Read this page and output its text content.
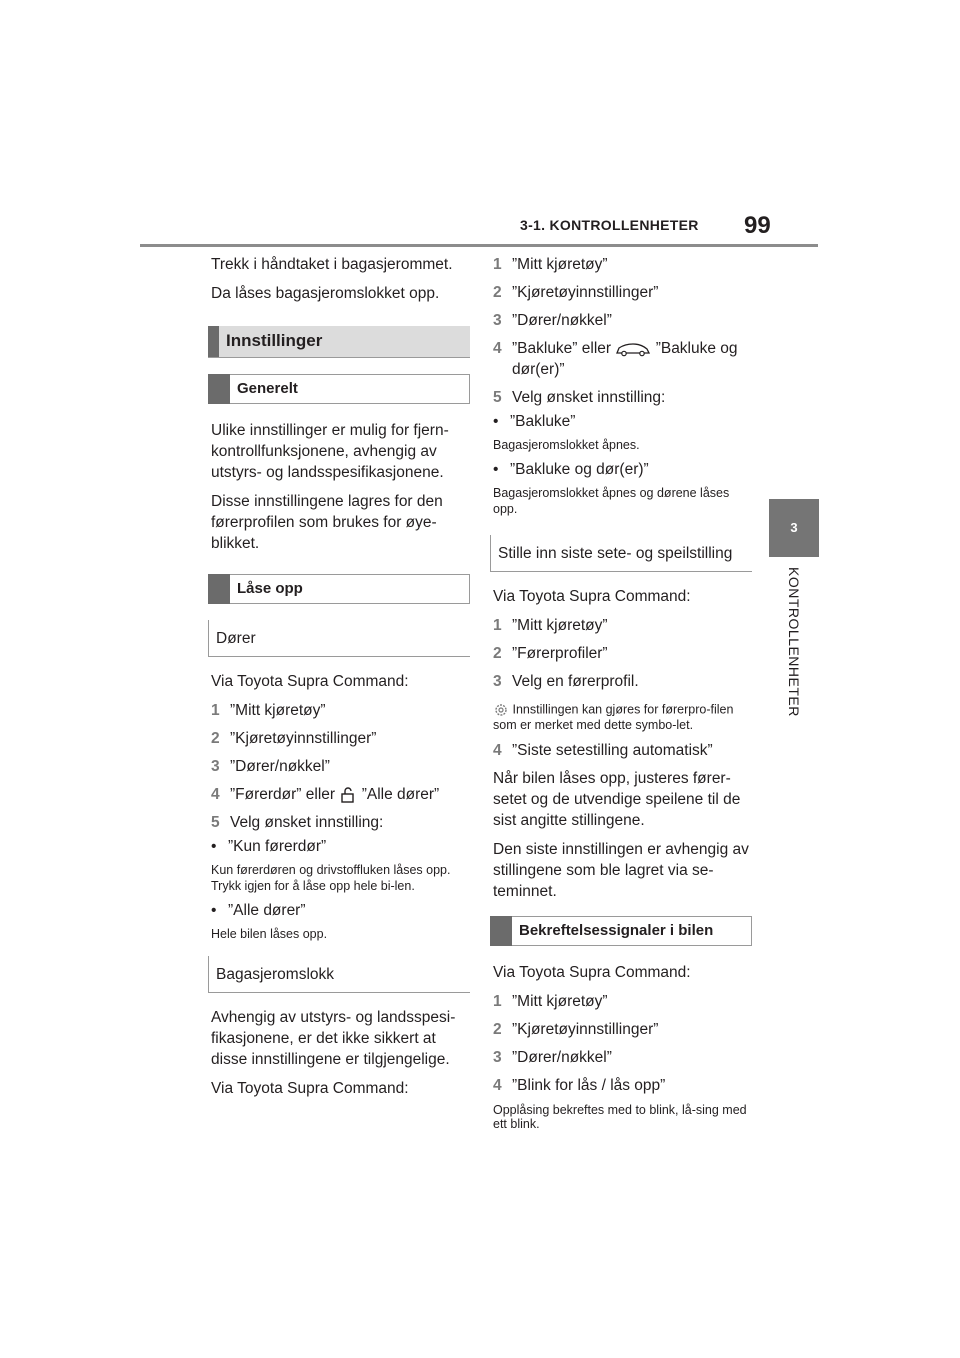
3-1. KONTROLLENHETER 99
3
KONTROLLENHETER

Trekk i håndtaket i bagasjerommet.

Da låses bagasjeromslokket opp.

Innstillinger
Generelt

Ulike innstillinger er mulig for fjern-kontrollfunksjonene, avhengig av utstyrs- og landsspesifikasjonene.

Disse innstillingene lagres for den førerprofilen som brukes for øye-blikket.

Låse opp
Dører

Via Toyota Supra Command:

1 ”Mitt kjøretøy”
2 ”Kjøretøyinnstillinger”
3 ”Dører/nøkkel”
4 ”Førerdør” eller ”Alle dører”
5 Velg ønsket innstilling:
• ”Kun førerdør”

Kun førerdøren og drivstoffluken låses opp. Trykk igjen for å låse opp hele bi-len.

• ”Alle dører”

Hele bilen låses opp.

Bagasjeromslokk

Avhengig av utstyrs- og landsspesi-fikasjonene, er det ikke sikkert at disse innstillingene er tilgjengelige.

Via Toyota Supra Command:

1 ”Mitt kjøretøy”
2 ”Kjøretøyinnstillinger”
3 ”Dører/nøkkel”
4 ”Bakluke” eller	”Bakluke og dør(er)”
5 Velg ønsket innstilling:
• ”Bakluke”

Bagasjeromslokket åpnes.

• ”Bakluke og dør(er)”

Bagasjeromslokket åpnes og dørene låses opp.

Stille inn siste sete- og speilstilling

Via Toyota Supra Command:

1 ”Mitt kjøretøy”
2 ”Førerprofiler”
3 Velg en førerprofil.

Innstillingen kan gjøres for førerpro-filen som er merket med dette symbo-let.

4 ”Siste setestilling automatisk”

Når bilen låses opp, justeres fører-setet og de utvendige speilene til de sist angitte stillingene.

Den siste innstillingen er avhengig av stillingene som ble lagret via se-teminnet.

Bekreftelsessignaler i bilen

Via Toyota Supra Command:

1 ”Mitt kjøretøy”
2 ”Kjøretøyinnstillinger”
3 ”Dører/nøkkel”
4 ”Blink for lås / lås opp”

Opplåsing bekreftes med to blink, lå-sing med ett blink.
